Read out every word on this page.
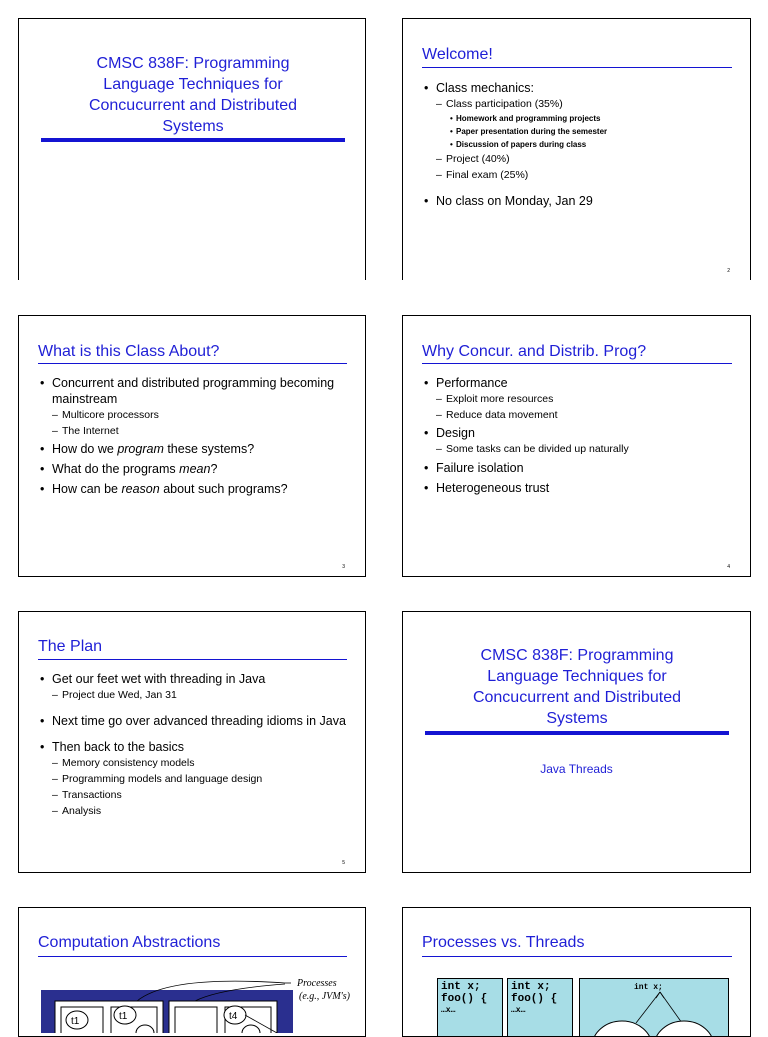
CMSC 838F: Programming Language Techniques for Concucurrent and Distributed Systems
Welcome!
• Class mechanics:
– Class participation (35%)
• Homework and programming projects
• Paper presentation during the semester
• Discussion of papers during class
– Project (40%)
– Final exam (25%)
• No class on Monday, Jan 29
2
What is this Class About?
• Concurrent and distributed programming becoming mainstream
– Multicore processors
– The Internet
• How do we program these systems?
• What do the programs mean?
• How can be reason about such programs?
3
Why Concur. and Distrib. Prog?
• Performance
– Exploit more resources
– Reduce data movement
• Design
– Some tasks can be divided up naturally
• Failure isolation
• Heterogeneous trust
4
The Plan
• Get our feet wet with threading in Java
– Project due Wed, Jan 31
• Next time go over advanced threading idioms in Java
• Then back to the basics
– Memory consistency models
– Programming models and language design
– Transactions
– Analysis
5
CMSC 838F: Programming Language Techniques for Concucurrent and Distributed Systems
Java Threads
Computation Abstractions
t1	t1	t4
Processes
(e.g., JVM's)
Processes vs. Threads
int x;
foo() {
…x…
int x;
foo() {
…x…
int x;
